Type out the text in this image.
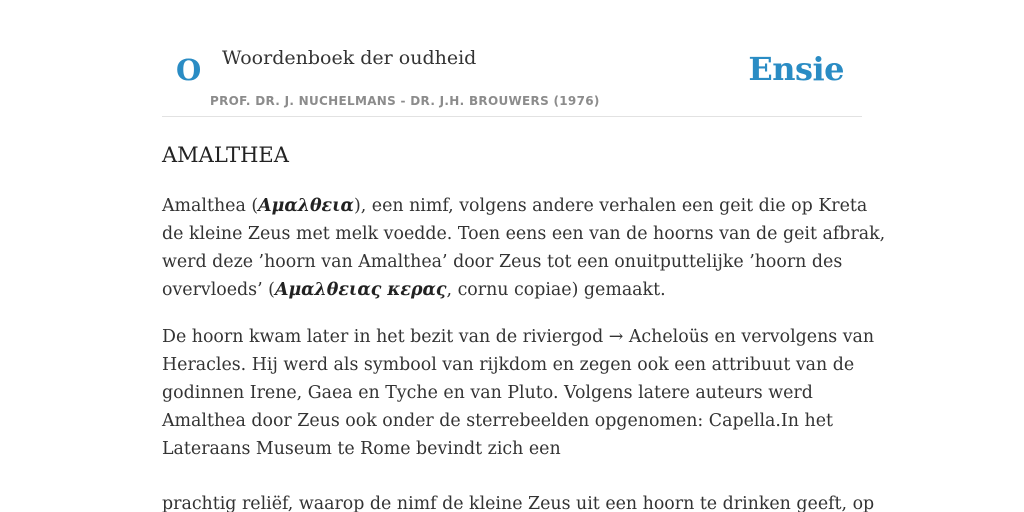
O Woordenboek der oudheid
PROF. DR. J. NUCHELMANS - DR. J.H. BROUWERS (1976)
Ensie
AMALTHEA
Amalthea (Αμαλθεια), een nimf, volgens andere verhalen een geit die op Kreta
de kleine Zeus met melk voedde. Toen eens een van de hoorns van de geit afbrak,
werd deze ’hoorn van Amalthea’ door Zeus tot een onuitputtelijke ’hoorn des
overvloeds’ (Αμαλθειας κερας, cornu copiae) gemaakt.
De hoorn kwam later in het bezit van de riviergod → Acheloüs en vervolgens van
Heracles. Hij werd als symbool van rijkdom en zegen ook een attribuut van de
godinnen Irene, Gaea en Tyche en van Pluto. Volgens latere auteurs werd
Amalthea door Zeus ook onder de sterrebeelden opgenomen: Capella.In het
Lateraans Museum te Rome bevindt zich een
prachtig reliëf, waarop de nimf de kleine Zeus uit een hoorn te drinken geeft, op
